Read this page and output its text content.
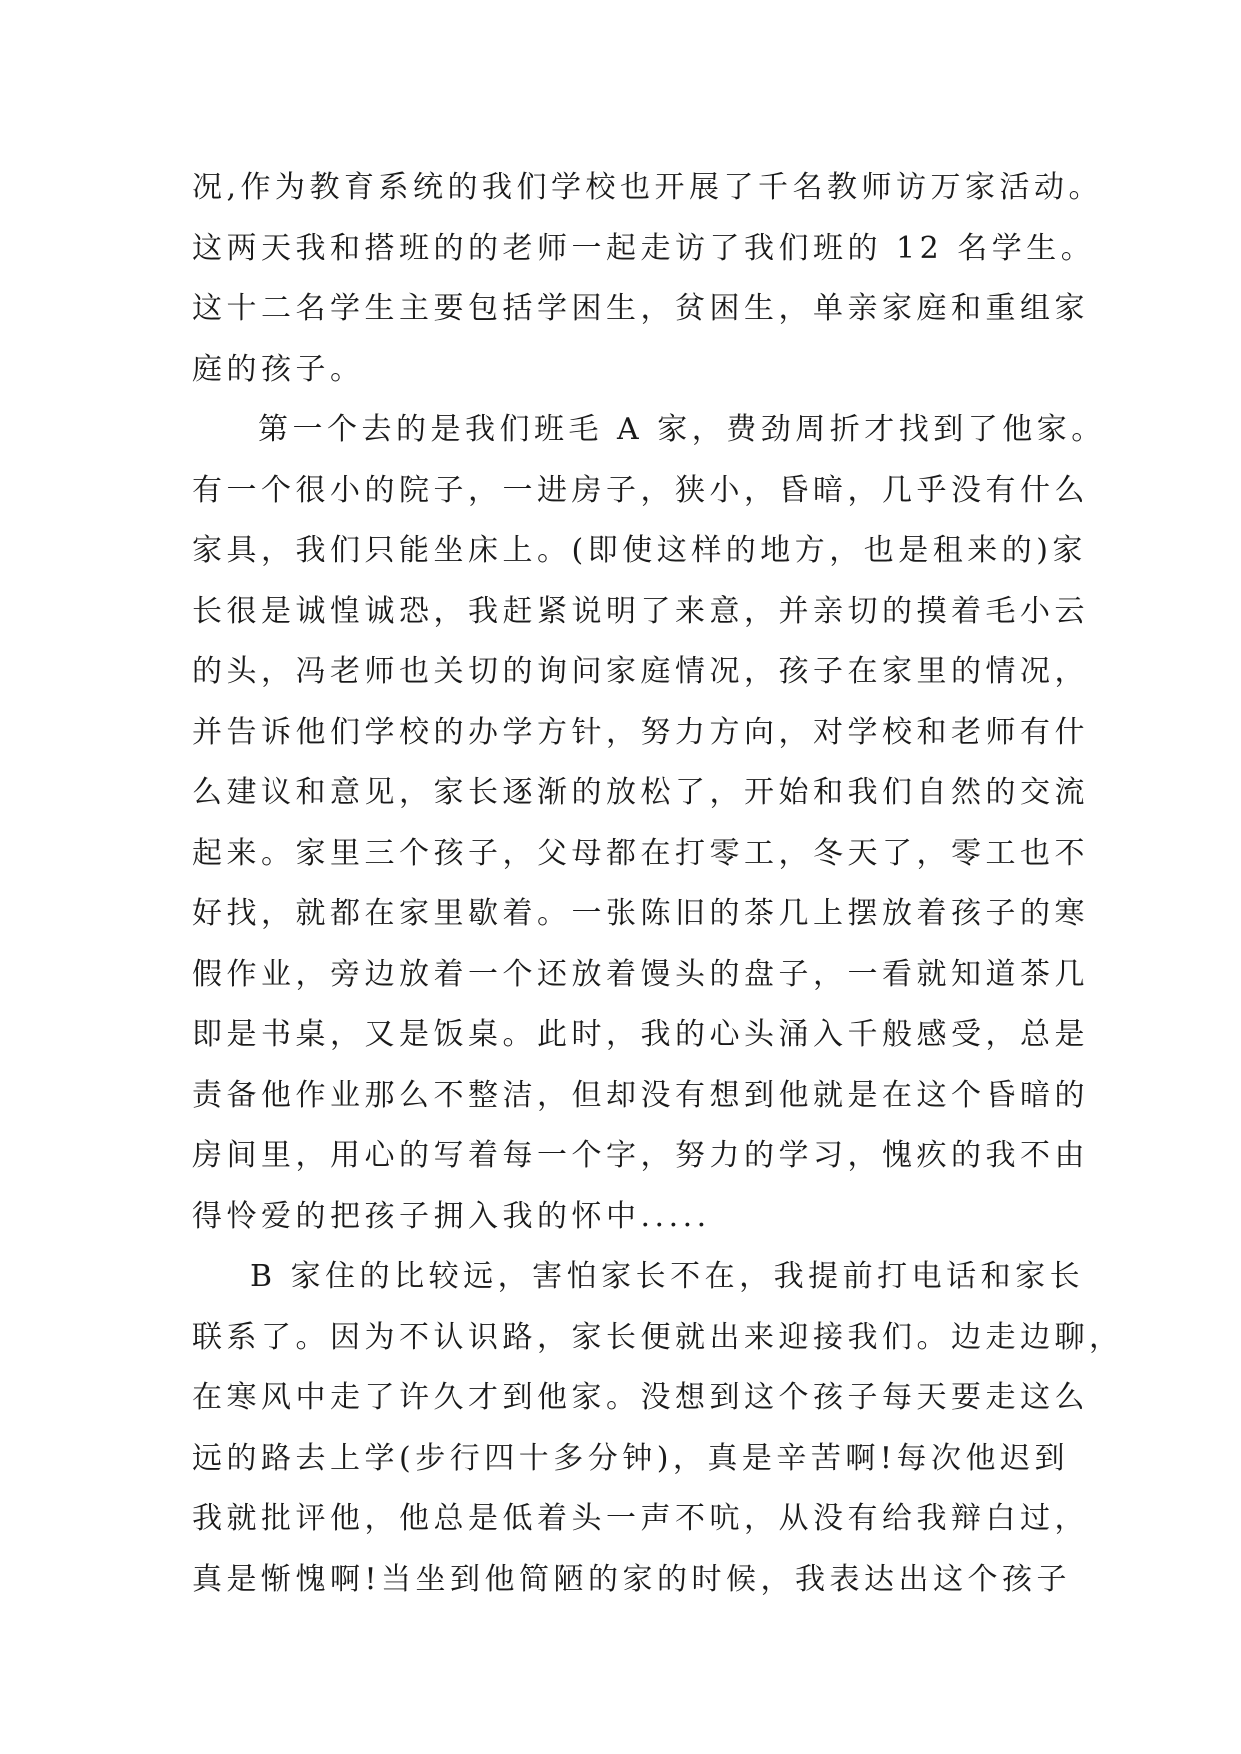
况,作为教育系统的我们学校也开展了千名教师访万家活动。
这两天我和搭班的的老师一起走访了我们班的 12 名学生。
这十二名学生主要包括学困生，贫困生，单亲家庭和重组家
庭的孩子。
第一个去的是我们班毛 A 家，费劲周折才找到了他家。
有一个很小的院子，一进房子，狭小，昏暗，几乎没有什么
家具，我们只能坐床上。(即使这样的地方，也是租来的)家
长很是诚惶诚恐，我赶紧说明了来意，并亲切的摸着毛小云
的头，冯老师也关切的询问家庭情况，孩子在家里的情况，
并告诉他们学校的办学方针，努力方向，对学校和老师有什
么建议和意见，家长逐渐的放松了，开始和我们自然的交流
起来。家里三个孩子，父母都在打零工，冬天了，零工也不
好找，就都在家里歇着。一张陈旧的茶几上摆放着孩子的寒
假作业，旁边放着一个还放着馒头的盘子，一看就知道茶几
即是书桌，又是饭桌。此时，我的心头涌入千般感受，总是
责备他作业那么不整洁，但却没有想到他就是在这个昏暗的
房间里，用心的写着每一个字，努力的学习，愧疚的我不由
得怜爱的把孩子拥入我的怀中.....
B 家住的比较远，害怕家长不在，我提前打电话和家长
联系了。因为不认识路，家长便就出来迎接我们。边走边聊，
在寒风中走了许久才到他家。没想到这个孩子每天要走这么
远的路去上学(步行四十多分钟)，真是辛苦啊!每次他迟到
我就批评他，他总是低着头一声不吭，从没有给我辩白过，
真是惭愧啊!当坐到他简陋的家的时候，我表达出这个孩子
